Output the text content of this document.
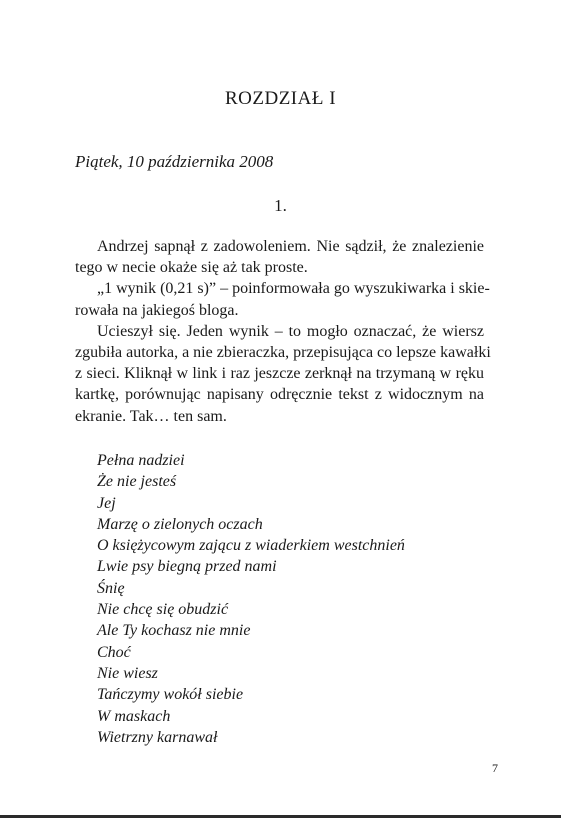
ROZDZIAŁ I
Piątek, 10 października 2008
1.
Andrzej sapnął z zadowoleniem. Nie sądził, że znalezienie
tego w necie okaże się aż tak proste.
„1 wynik (0,21 s)” – poinformowała go wyszukiwarka i skie-
rowała na jakiegoś bloga.
Ucieszył się. Jeden wynik – to mogło oznaczać, że wiersz
zgubiła autorka, a nie zbieraczka, przepisująca co lepsze kawałki
z sieci. Kliknął w link i raz jeszcze zerknął na trzymaną w ręku
kartkę, porównując napisany odręcznie tekst z widocznym na
ekranie. Tak… ten sam.
Pełna nadziei
Że nie jesteś
Jej
Marzę o zielonych oczach
O księżycowym zającu z wiaderkiem westchnień
Lwie psy biegną przed nami
Śnię
Nie chcę się obudzić
Ale Ty kochasz nie mnie
Choć
Nie wiesz
Tańczymy wokół siebie
W maskach
Wietrzny karnawał
7
